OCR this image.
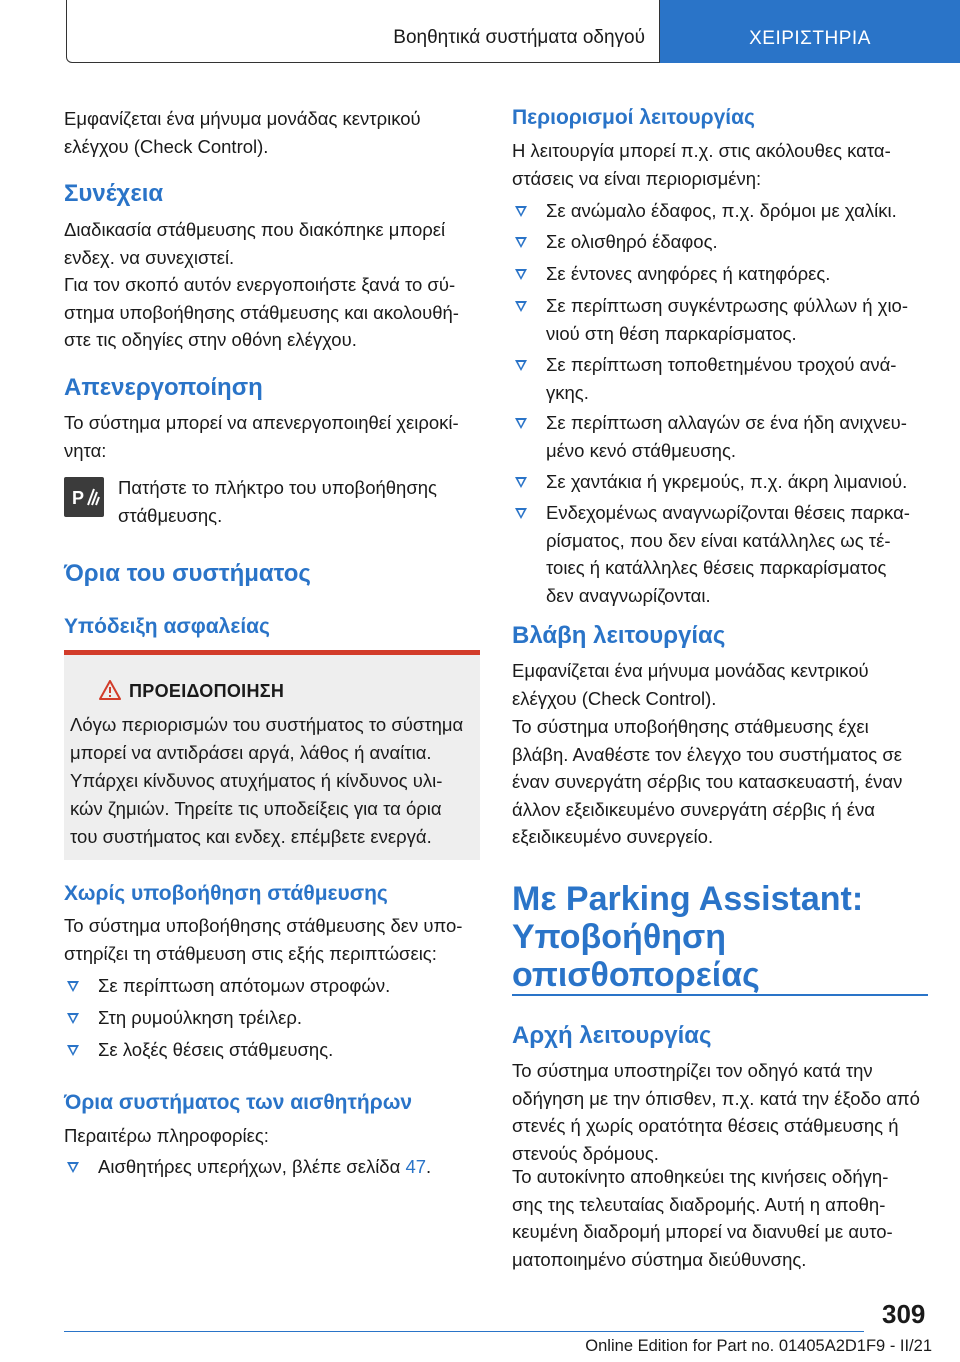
Βοηθητικά συστήματα οδηγού	ΧΕΙΡΙΣΤΗΡΙΑ

Εμφανίζεται ένα μήνυμα μονάδας κεντρικού
ελέγχου (Check Control).

Συνέχεια

Διαδικασία στάθμευσης που διακόπηκε μπορεί
ενδεχ. να συνεχιστεί.

Για τον σκοπό αυτόν ενεργοποιήστε ξανά το σύ-
στημα υποβοήθησης στάθμευσης και ακολουθή-
στε τις οδηγίες στην οθόνη ελέγχου.

Απενεργοποίηση

Το σύστημα μπορεί να απενεργοποιηθεί χειροκί-
νητα:

P Πατήστε το πλήκτρο του υποβοήθησης
στάθμευσης.

Όρια του συστήματος
Υπόδειξη ασφαλείας
ΠΡΟΕΙΔΟΠΟΙΗΣΗ
Λόγω περιορισμών του συστήματος το σύστημα
μπορεί να αντιδράσει αργά, λάθος ή αναίτια.
Υπάρχει κίνδυνος ατυχήματος ή κίνδυνος υλι-
κών ζημιών. Τηρείτε τις υποδείξεις για τα όρια
του συστήματος και ενδεχ. επέμβετε ενεργά.
Χωρίς υποβοήθηση στάθμευσης

Το σύστημα υποβοήθησης στάθμευσης δεν υπο-
στηρίζει τη στάθμευση στις εξής περιπτώσεις:

Σε περίπτωση απότομων στροφών.
Στη ρυμούλκηση τρέιλερ.
Σε λοξές θέσεις στάθμευσης.
Όρια συστήματος των αισθητήρων

Περαιτέρω πληροφορίες:

Αισθητήρες υπερήχων, βλέπε σελίδα 47.
Περιορισμοί λειτουργίας

Η λειτουργία μπορεί π.χ. στις ακόλουθες κατα-
στάσεις να είναι περιορισμένη:

Σε ανώμαλο έδαφος, π.χ. δρόμοι με χαλίκι.
Σε ολισθηρό έδαφος.
Σε έντονες ανηφόρες ή κατηφόρες.
Σε περίπτωση συγκέντρωσης φύλλων ή χιο-
νιού στη θέση παρκαρίσματος.
Σε περίπτωση τοποθετημένου τροχού ανά-
γκης.
Σε περίπτωση αλλαγών σε ένα ήδη ανιχνευ-
μένο κενό στάθμευσης.
Σε χαντάκια ή γκρεμούς, π.χ. άκρη λιμανιού.
Ενδεχομένως αναγνωρίζονται θέσεις παρκα-
ρίσματος, που δεν είναι κατάλληλες ως τέ-
τοιες ή κατάλληλες θέσεις παρκαρίσματος
δεν αναγνωρίζονται.
Βλάβη λειτουργίας

Εμφανίζεται ένα μήνυμα μονάδας κεντρικού
ελέγχου (Check Control).

Το σύστημα υποβοήθησης στάθμευσης έχει
βλάβη. Αναθέστε τον έλεγχο του συστήματος σε
έναν συνεργάτη σέρβις του κατασκευαστή, έναν
άλλον εξειδικευμένο συνεργάτη σέρβις ή ένα
εξειδικευμένο συνεργείο.

Με Parking Assistant:
Υποβοήθηση
οπισθοπορείας
Αρχή λειτουργίας

Το σύστημα υποστηρίζει τον οδηγό κατά την
οδήγηση με την όπισθεν, π.χ. κατά την έξοδο από
στενές ή χωρίς ορατότητα θέσεις στάθμευσης ή
στενούς δρόμους.

Το αυτοκίνητο αποθηκεύει της κινήσεις οδήγη-
σης της τελευταίας διαδρομής. Αυτή η αποθη-
κευμένη διαδρομή μπορεί να διανυθεί με αυτο-
ματοποιημένο σύστημα διεύθυνσης.

309
Online Edition for Part no. 01405A2D1F9 - II/21
